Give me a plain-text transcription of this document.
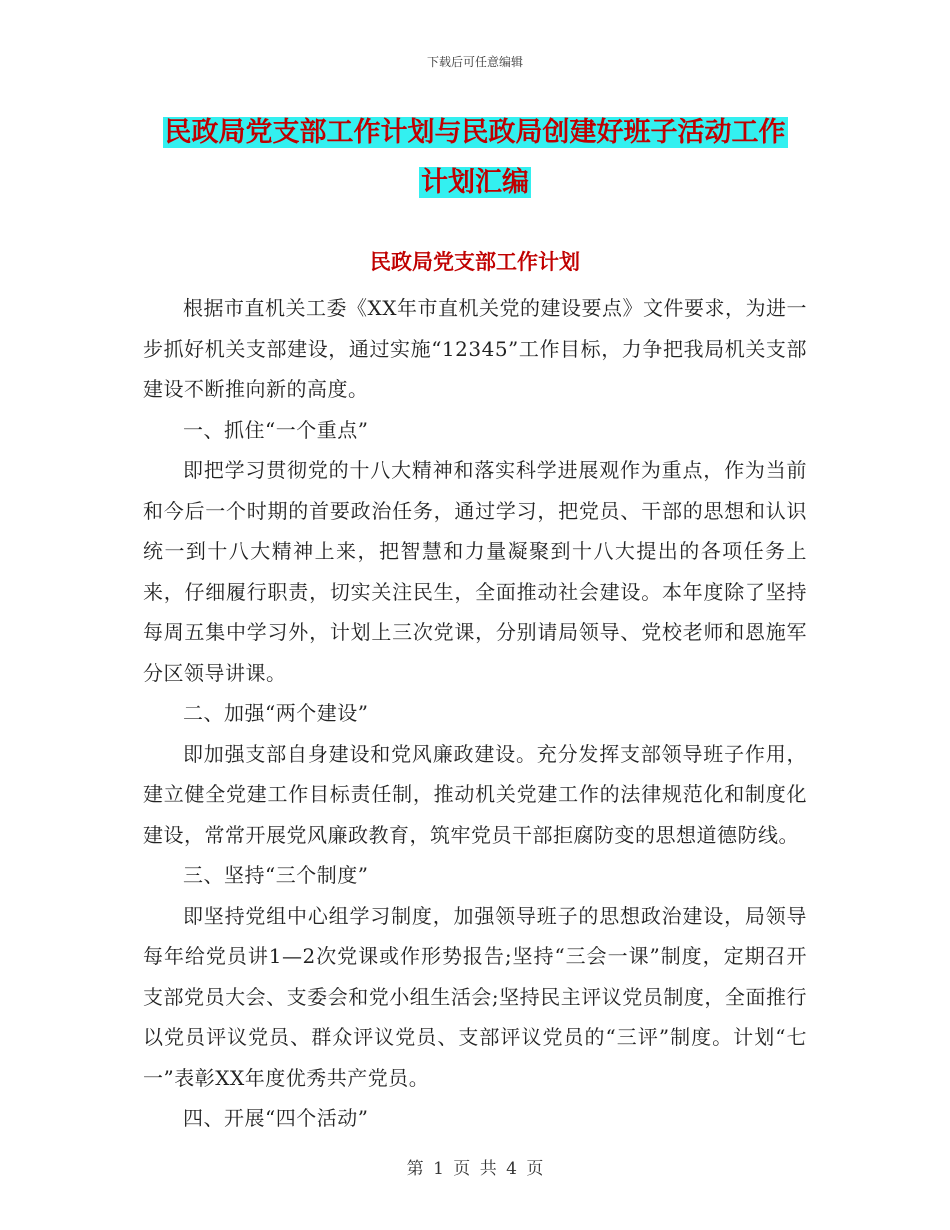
下载后可任意编辑
民政局党支部工作计划与民政局创建好班子活动工作
计划汇编
民政局党支部工作计划

根据市直机关工委《XX年市直机关党的建设要点》文件要求，为进一步抓好机关支部建设，通过实施“12345”工作目标，力争把我局机关支部建设不断推向新的高度。

一、抓住“一个重点”

即把学习贯彻党的十八大精神和落实科学进展观作为重点，作为当前和今后一个时期的首要政治任务，通过学习，把党员、干部的思想和认识统一到十八大精神上来，把智慧和力量凝聚到十八大提出的各项任务上来，仔细履行职责，切实关注民生，全面推动社会建设。本年度除了坚持每周五集中学习外，计划上三次党课，分别请局领导、党校老师和恩施军分区领导讲课。

二、加强“两个建设”

即加强支部自身建设和党风廉政建设。充分发挥支部领导班子作用，建立健全党建工作目标责任制，推动机关党建工作的法律规范化和制度化建设，常常开展党风廉政教育，筑牢党员干部拒腐防变的思想道德防线。

三、坚持“三个制度”

即坚持党组中心组学习制度，加强领导班子的思想政治建设，局领导每年给党员讲1—2次党课或作形势报告;坚持“三会一课”制度，定期召开支部党员大会、支委会和党小组生活会;坚持民主评议党员制度，全面推行以党员评议党员、群众评议党员、支部评议党员的“三评”制度。计划“七一”表彰XX年度优秀共产党员。

四、开展“四个活动”

第 1 页 共 4 页
